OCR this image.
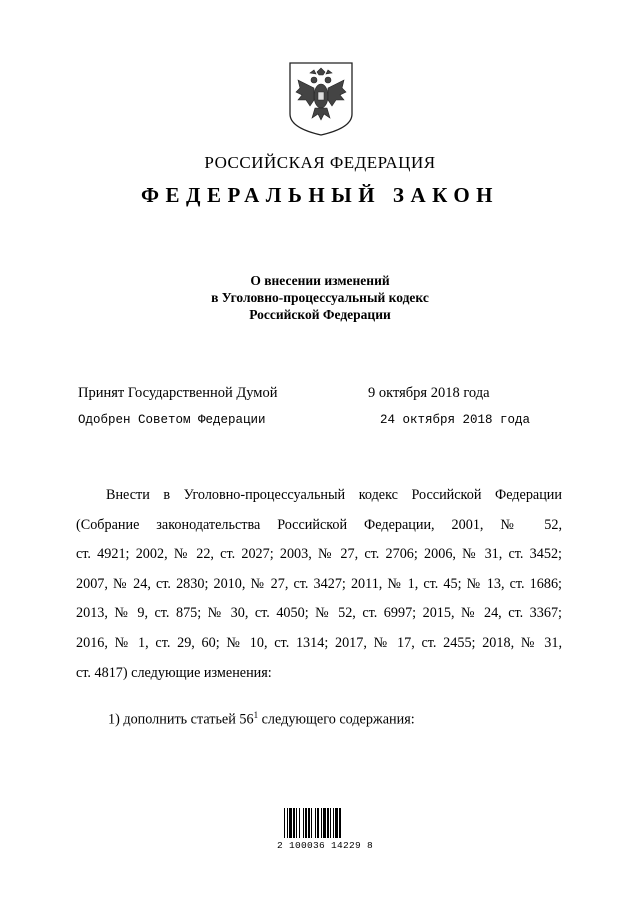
РОССИЙСКАЯ ФЕДЕРАЦИЯ
ФЕДЕРАЛЬНЫЙ ЗАКОН
О внесении изменений
в Уголовно-процессуальный кодекс
Российской Федерации
Принят Государственной Думой	9 октября 2018 года
Одобрен Советом Федерации	24 октября 2018 года
Внести в Уголовно-процессуальный кодекс Российской Федерации
(Собрание законодательства Российской Федерации, 2001, № 52,
ст. 4921; 2002, № 22, ст. 2027; 2003, № 27, ст. 2706; 2006, № 31, ст. 3452;
2007, № 24, ст. 2830; 2010, № 27, ст. 3427; 2011, № 1, ст. 45; № 13, ст. 1686;
2013, № 9, ст. 875; № 30, ст. 4050; № 52, ст. 6997; 2015, № 24, ст. 3367;
2016, № 1, ст. 29, 60; № 10, ст. 1314; 2017, № 17, ст. 2455; 2018, № 31,
ст. 4817) следующие изменения:
1) дополнить статьей $56^1$ следующего содержания:
2 100036 14229 8
